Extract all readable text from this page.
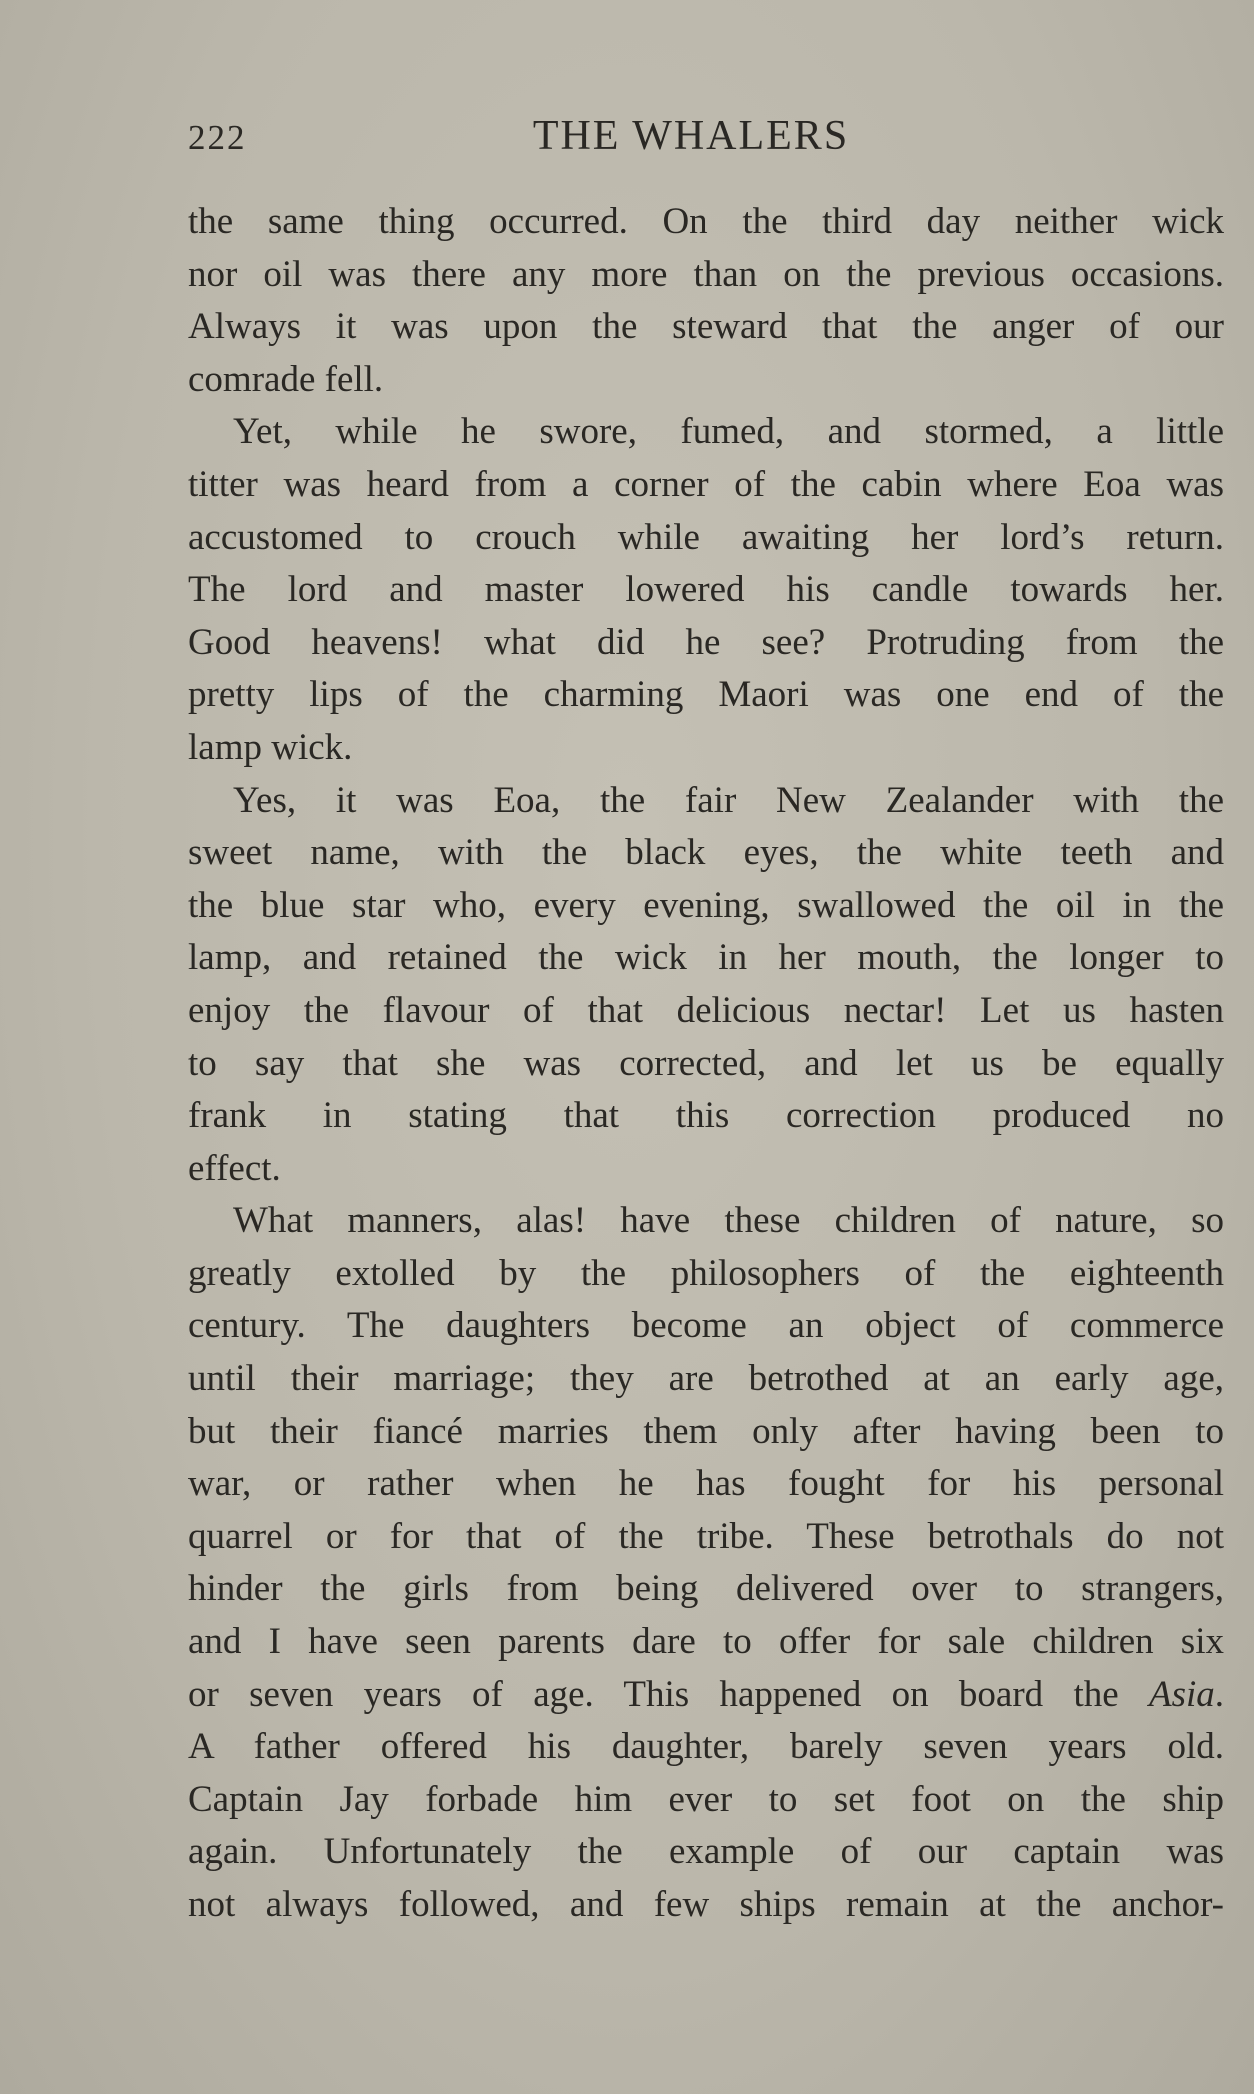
222	THE WHALERS
the same thing occurred. On the third day neither wick
nor oil was there any more than on the previous occasions.
Always it was upon the steward that the anger of our
comrade fell.
Yet, while he swore, fumed, and stormed, a little
titter was heard from a corner of the cabin where Eoa was
accustomed to crouch while awaiting her lord’s return.
The lord and master lowered his candle towards her.
Good heavens! what did he see? Protruding from the
pretty lips of the charming Maori was one end of the
lamp wick.
Yes, it was Eoa, the fair New Zealander with the
sweet name, with the black eyes, the white teeth and
the blue star who, every evening, swallowed the oil in the
lamp, and retained the wick in her mouth, the longer to
enjoy the flavour of that delicious nectar! Let us hasten
to say that she was corrected, and let us be equally
frank in stating that this correction produced no
effect.
What manners, alas! have these children of nature, so
greatly extolled by the philosophers of the eighteenth
century. The daughters become an object of commerce
until their marriage; they are betrothed at an early age,
but their fiancé marries them only after having been to
war, or rather when he has fought for his personal
quarrel or for that of the tribe. These betrothals do not
hinder the girls from being delivered over to strangers,
and I have seen parents dare to offer for sale children six
or seven years of age. This happened on board the Asia.
A father offered his daughter, barely seven years old.
Captain Jay forbade him ever to set foot on the ship
again. Unfortunately the example of our captain was
not always followed, and few ships remain at the anchor-
